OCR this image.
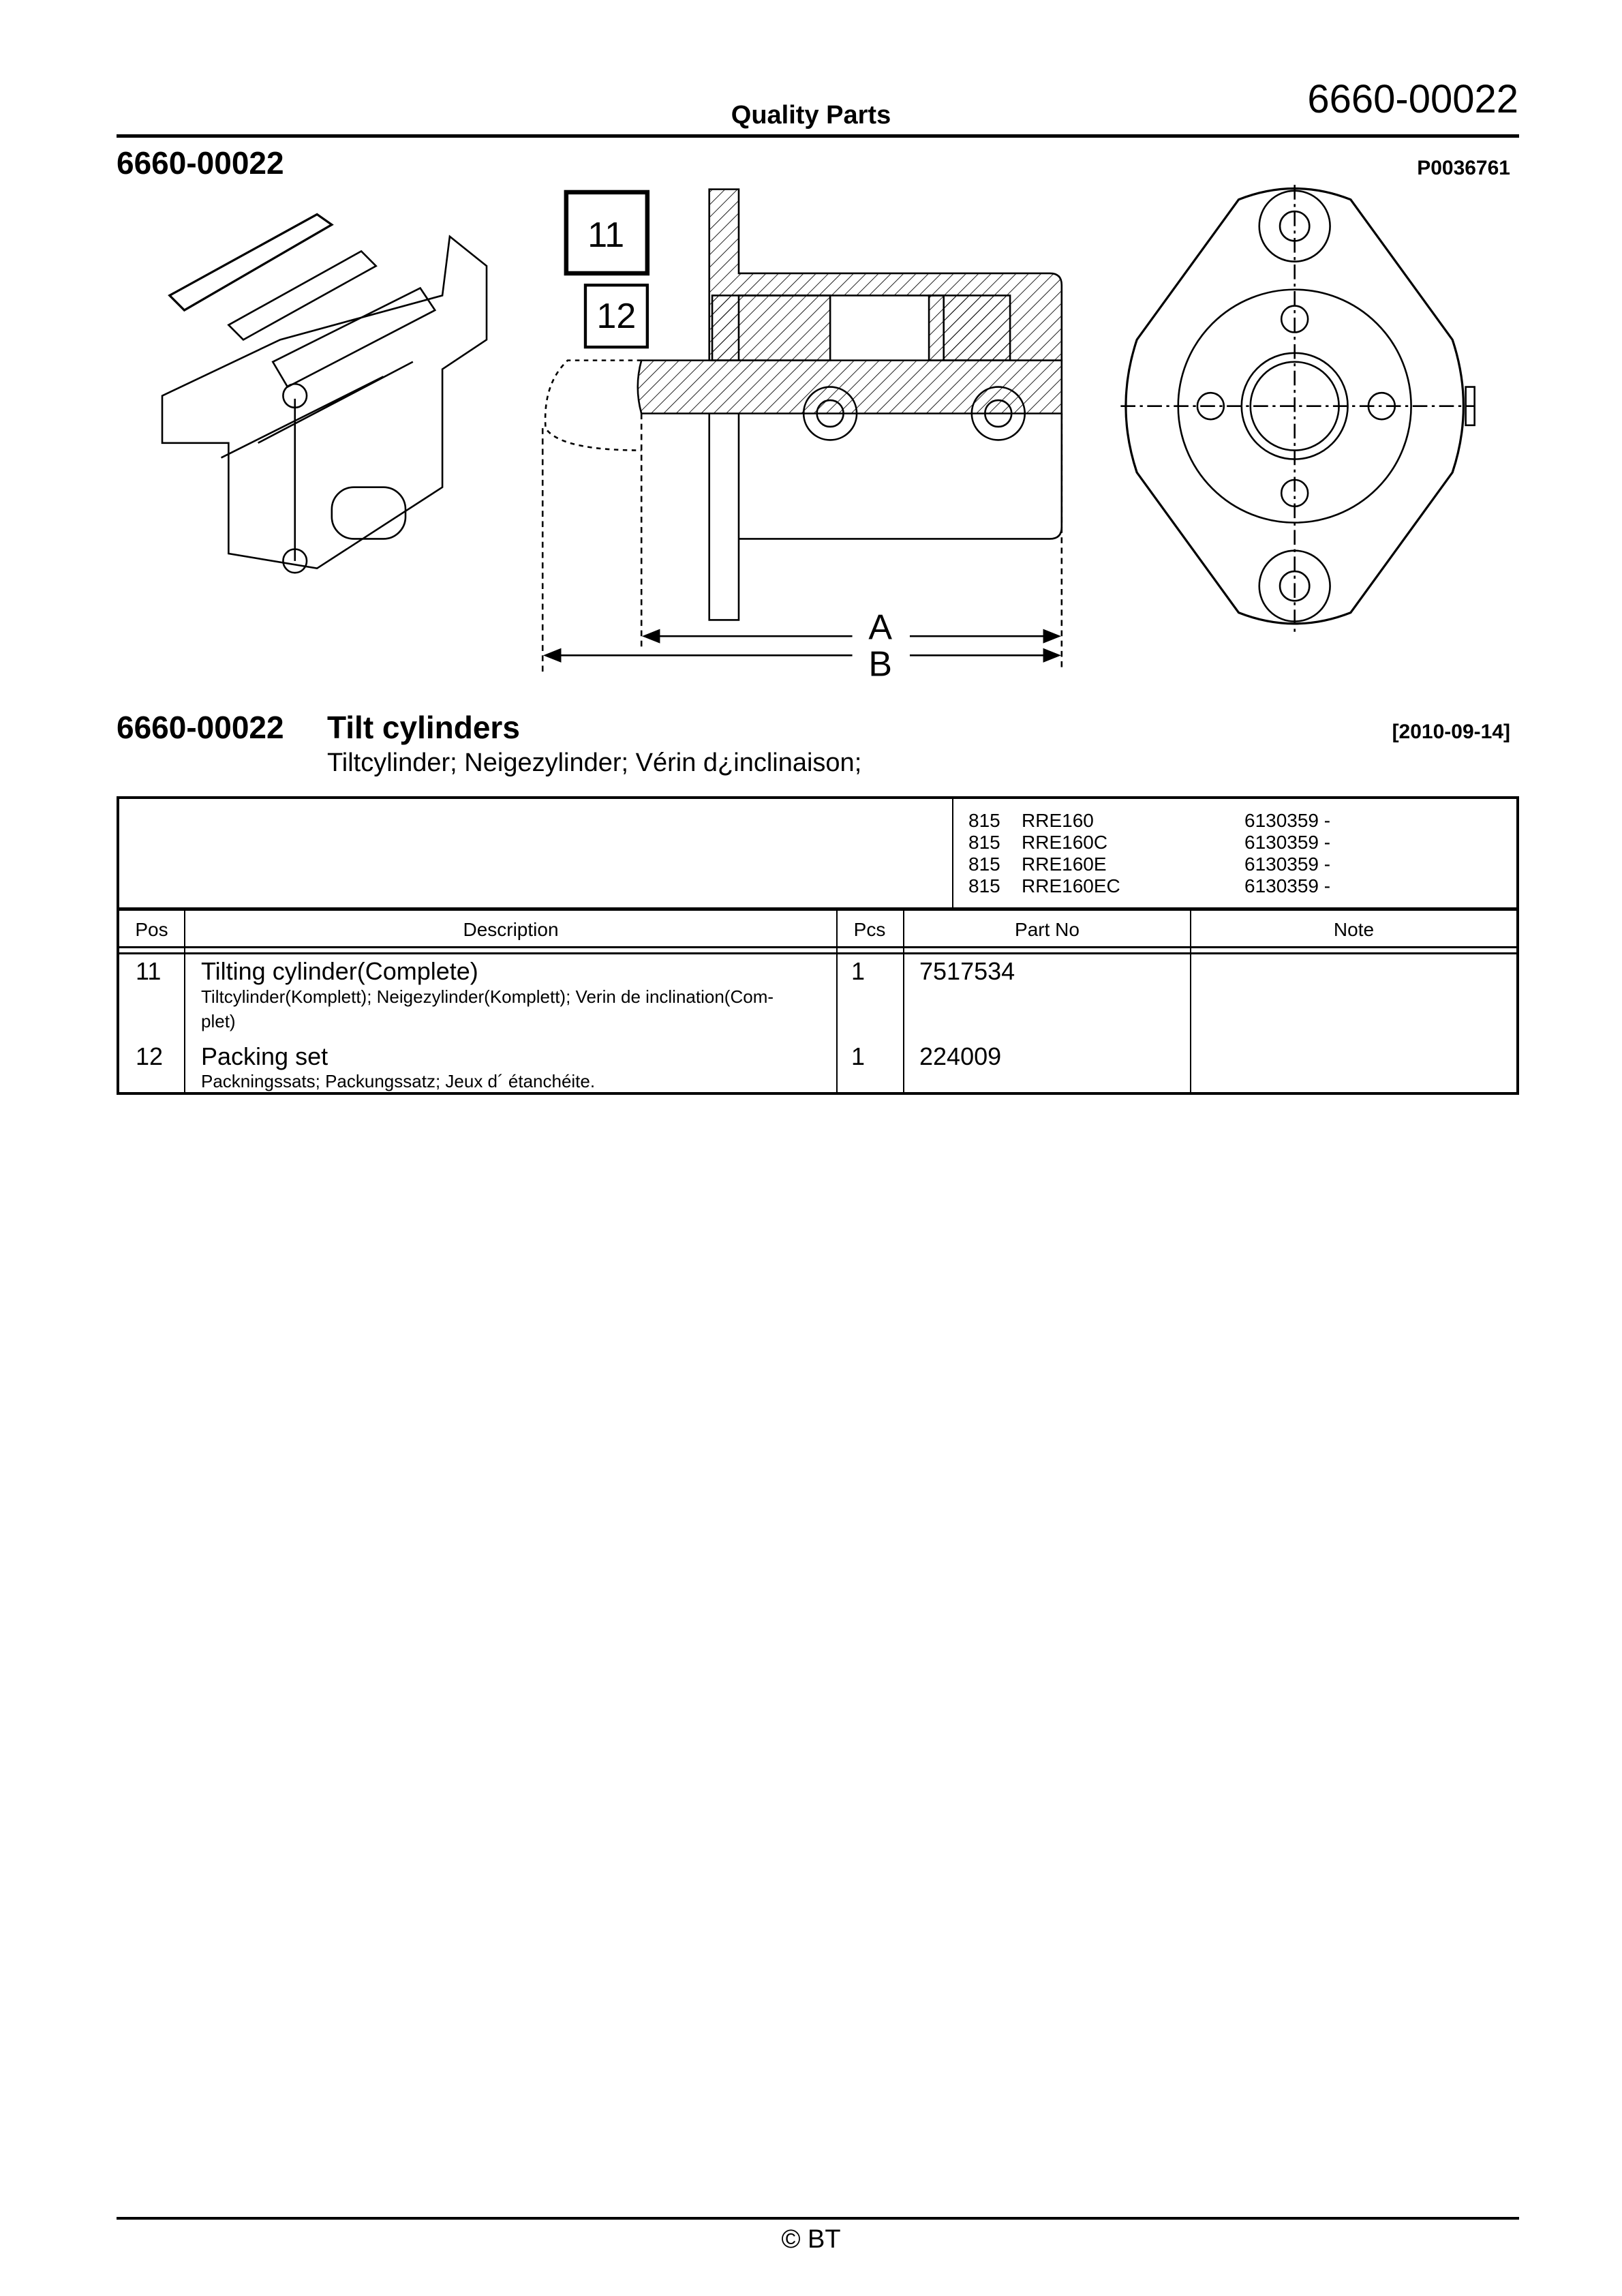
Quality Parts	6660-00022
6660-00022	P0036761
11
12
A
B
6660-00022 Tilt cylinders
Tiltcylinder; Neigezylinder; Vérin d¿inclinaison;
[2010-09-14]
815 RRE160	6130359 -
815 RRE160C	6130359 -
815 RRE160E	6130359 -
815 RRE160EC	6130359 -
Pos	Description	Pcs	Part No	Note
11 Tilting cylinder(Complete)
Tiltcylinder(Komplett); Neigezylinder(Komplett); Verin de inclination(Com-
plet)
1 7517534
12 Packing set
Packningssats; Packungssatz; Jeux d´ étanchéite.
1 224009
© BT
